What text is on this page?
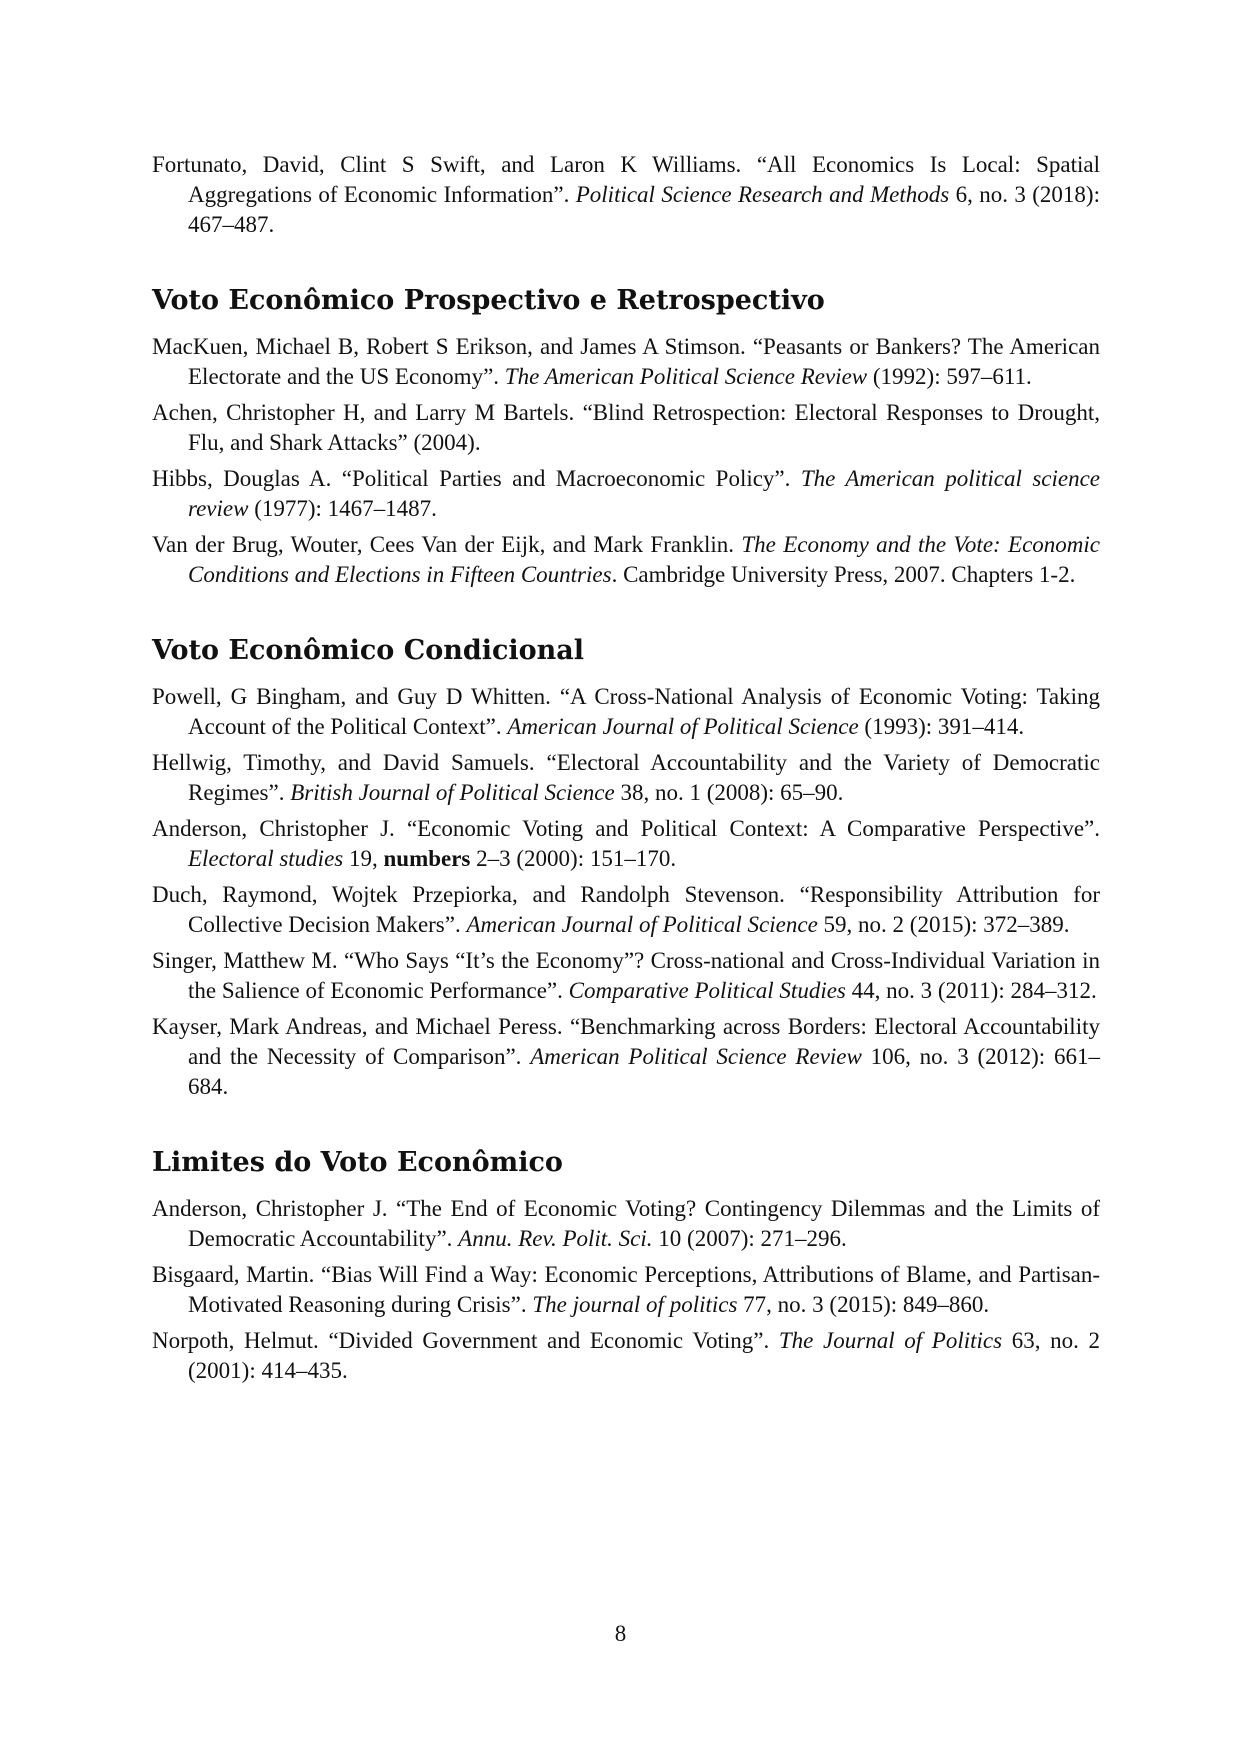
Fortunato, David, Clint S Swift, and Laron K Williams. “All Economics Is Local: Spatial Aggregations of Economic Information”. Political Science Research and Methods 6, no. 3 (2018): 467–487.

Voto Econômico Prospectivo e Retrospectivo

MacKuen, Michael B, Robert S Erikson, and James A Stimson. “Peasants or Bankers? The American Electorate and the US Economy”. The American Political Science Review (1992): 597–611.

Achen, Christopher H, and Larry M Bartels. “Blind Retrospection: Electoral Responses to Drought, Flu, and Shark Attacks” (2004).

Hibbs, Douglas A. “Political Parties and Macroeconomic Policy”. The American political science review (1977): 1467–1487.

Van der Brug, Wouter, Cees Van der Eijk, and Mark Franklin. The Economy and the Vote: Economic Conditions and Elections in Fifteen Countries. Cambridge University Press, 2007. Chapters 1-2.

Voto Econômico Condicional

Powell, G Bingham, and Guy D Whitten. “A Cross-National Analysis of Economic Voting: Taking Account of the Political Context”. American Journal of Political Science (1993): 391–414.

Hellwig, Timothy, and David Samuels. “Electoral Accountability and the Variety of Democratic Regimes”. British Journal of Political Science 38, no. 1 (2008): 65–90.

Anderson, Christopher J. “Economic Voting and Political Context: A Comparative Perspective”. Electoral studies 19, numbers 2–3 (2000): 151–170.

Duch, Raymond, Wojtek Przepiorka, and Randolph Stevenson. “Responsibility Attribution for Collective Decision Makers”. American Journal of Political Science 59, no. 2 (2015): 372–389.

Singer, Matthew M. “Who Says “It’s the Economy”? Cross-national and Cross-Individual Variation in the Salience of Economic Performance”. Comparative Political Studies 44, no. 3 (2011): 284–312.

Kayser, Mark Andreas, and Michael Peress. “Benchmarking across Borders: Electoral Accountability and the Necessity of Comparison”. American Political Science Review 106, no. 3 (2012): 661–684.

Limites do Voto Econômico

Anderson, Christopher J. “The End of Economic Voting? Contingency Dilemmas and the Limits of Democratic Accountability”. Annu. Rev. Polit. Sci. 10 (2007): 271–296.

Bisgaard, Martin. “Bias Will Find a Way: Economic Perceptions, Attributions of Blame, and Partisan-Motivated Reasoning during Crisis”. The journal of politics 77, no. 3 (2015): 849–860.

Norpoth, Helmut. “Divided Government and Economic Voting”. The Journal of Politics 63, no. 2 (2001): 414–435.

8
